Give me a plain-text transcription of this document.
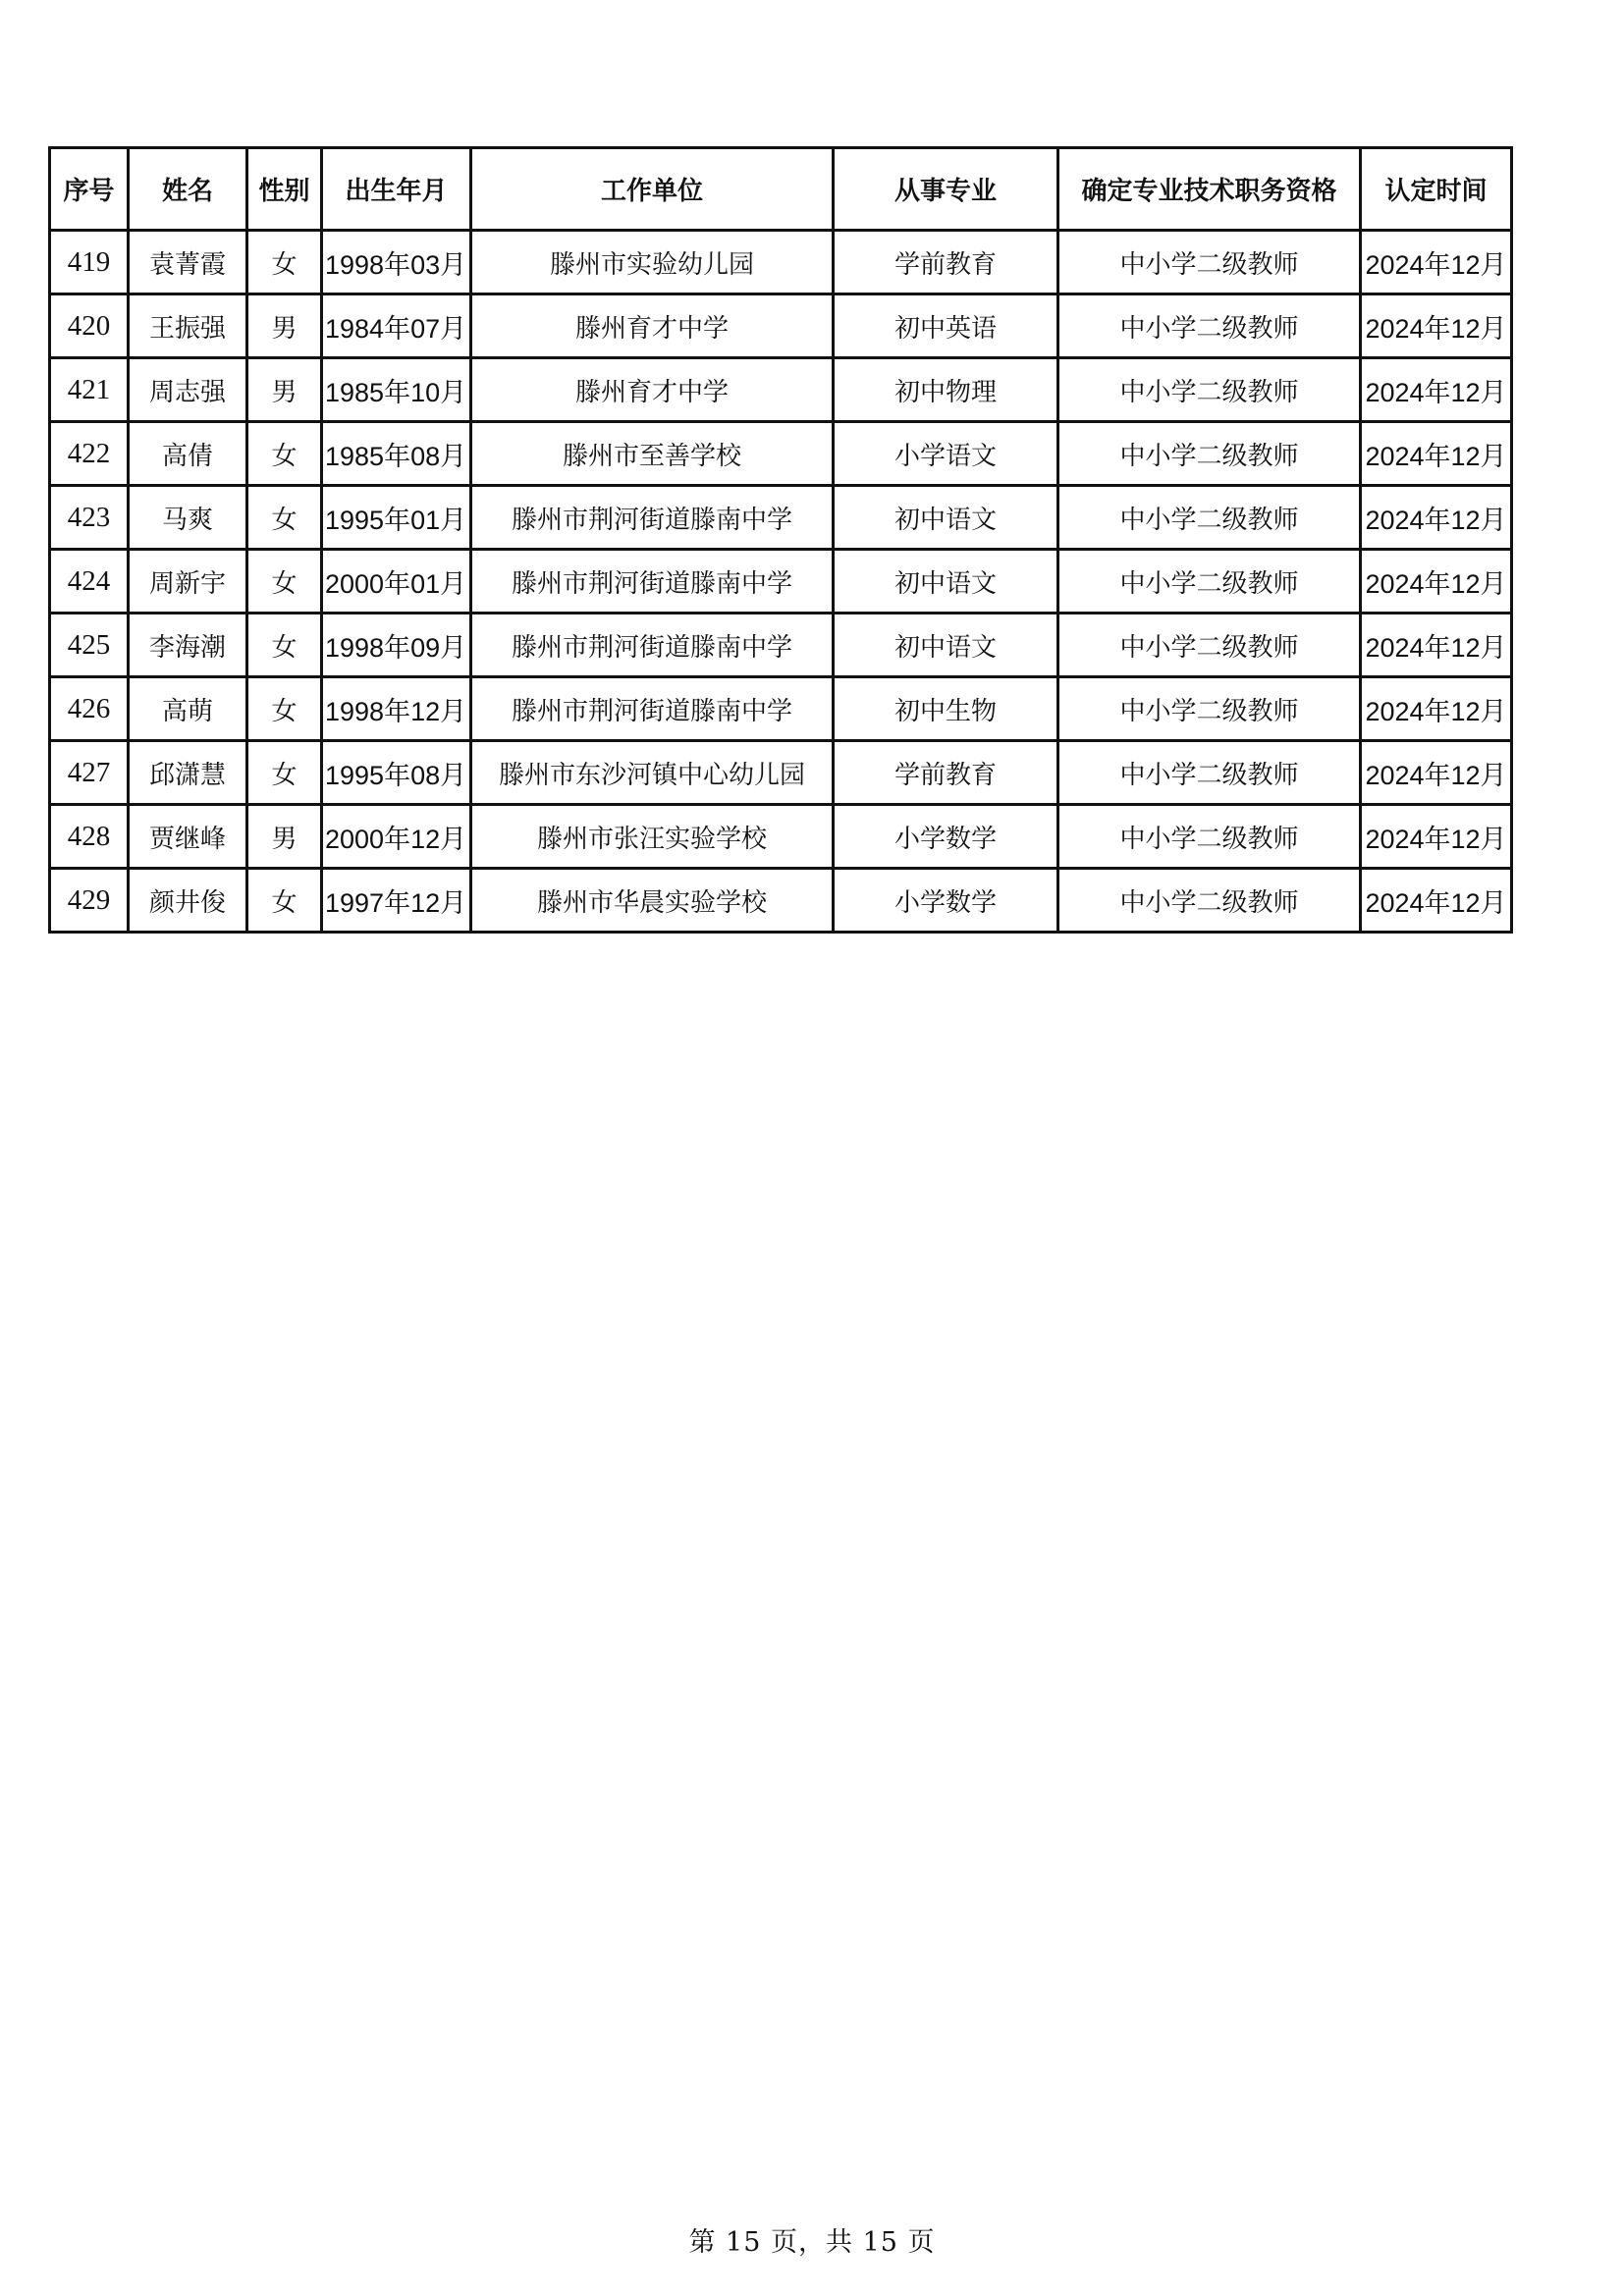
序号	姓名	性别	出生年月	工作单位	从事专业	确定专业技术职务资格	认定时间
419	袁菁霞	女	1998年03月	滕州市实验幼儿园	学前教育	中小学二级教师	2024年12月
420	王振强	男	1984年07月	滕州育才中学	初中英语	中小学二级教师	2024年12月
421	周志强	男	1985年10月	滕州育才中学	初中物理	中小学二级教师	2024年12月
422	高倩	女	1985年08月	滕州市至善学校	小学语文	中小学二级教师	2024年12月
423	马爽	女	1995年01月	滕州市荆河街道滕南中学	初中语文	中小学二级教师	2024年12月
424	周新宇	女	2000年01月	滕州市荆河街道滕南中学	初中语文	中小学二级教师	2024年12月
425	李海潮	女	1998年09月	滕州市荆河街道滕南中学	初中语文	中小学二级教师	2024年12月
426	高萌	女	1998年12月	滕州市荆河街道滕南中学	初中生物	中小学二级教师	2024年12月
427	邱潇慧	女	1995年08月	滕州市东沙河镇中心幼儿园	学前教育	中小学二级教师	2024年12月
428	贾继峰	男	2000年12月	滕州市张汪实验学校	小学数学	中小学二级教师	2024年12月
429	颜井俊	女	1997年12月	滕州市华晨实验学校	小学数学	中小学二级教师	2024年12月
第 15 页，共 15 页
